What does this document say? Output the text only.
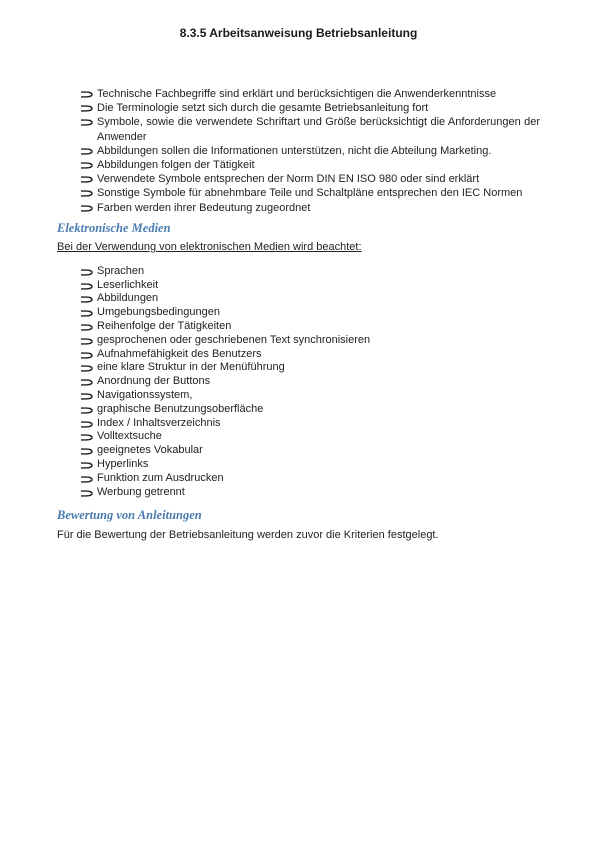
8.3.5 Arbeitsanweisung Betriebsanleitung
Technische Fachbegriffe sind erklärt und berücksichtigen die Anwenderkenntnisse
Die Terminologie setzt sich durch die gesamte Betriebsanleitung fort
Symbole, sowie die verwendete Schriftart und Größe berücksichtigt die Anforderungen der Anwender
Abbildungen sollen die Informationen unterstützen, nicht die Abteilung Marketing.
Abbildungen folgen der Tätigkeit
Verwendete Symbole entsprechen der Norm DIN EN ISO 980 oder sind erklärt
Sonstige Symbole für abnehmbare Teile und Schaltpläne entsprechen den IEC Normen
Farben werden ihrer Bedeutung zugeordnet
Elektronische Medien
Bei der Verwendung von elektronischen Medien wird beachtet:
Sprachen
Leserlichkeit
Abbildungen
Umgebungsbedingungen
Reihenfolge der Tätigkeiten
gesprochenen oder geschriebenen Text synchronisieren
Aufnahmefähigkeit des Benutzers
eine klare Struktur in der Menüführung
Anordnung der Buttons
Navigationssystem,
graphische Benutzungsoberfläche
Index / Inhaltsverzeichnis
Volltextsuche
geeignetes Vokabular
Hyperlinks
Funktion zum Ausdrucken
Werbung getrennt
Bewertung von Anleitungen
Für die Bewertung der Betriebsanleitung werden zuvor die Kriterien festgelegt.
